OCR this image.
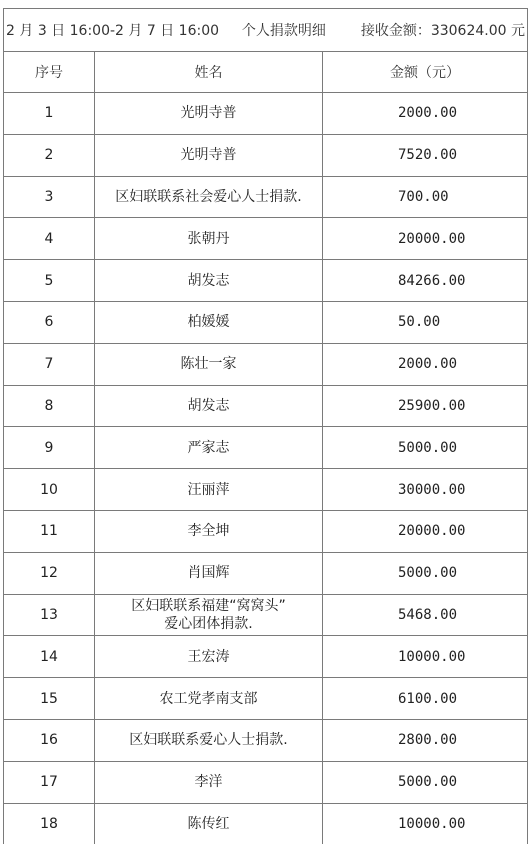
2 月 3 日 16:00-2 月 7 日 16:00 个人捐款明细 接收金额：330624.00 元		
序号	姓名	金额（元）
1	光明寺普	2000.00
2	光明寺普	7520.00
3	区妇联联系社会爱心人士捐款.	700.00
4	张朝丹	20000.00
5	胡发志	84266.00
6	柏媛媛	50.00
7	陈壮一家	2000.00
8	胡发志	25900.00
9	严家志	5000.00
10	汪丽萍	30000.00
11	李全坤	20000.00
12	肖国辉	5000.00
13	区妇联联系福建“窝窝头”
爱心团体捐款.	5468.00
14	王宏涛	10000.00
15	农工党孝南支部	6100.00
16	区妇联联系爱心人士捐款.	2800.00
17	李洋	5000.00
18	陈传红	10000.00
